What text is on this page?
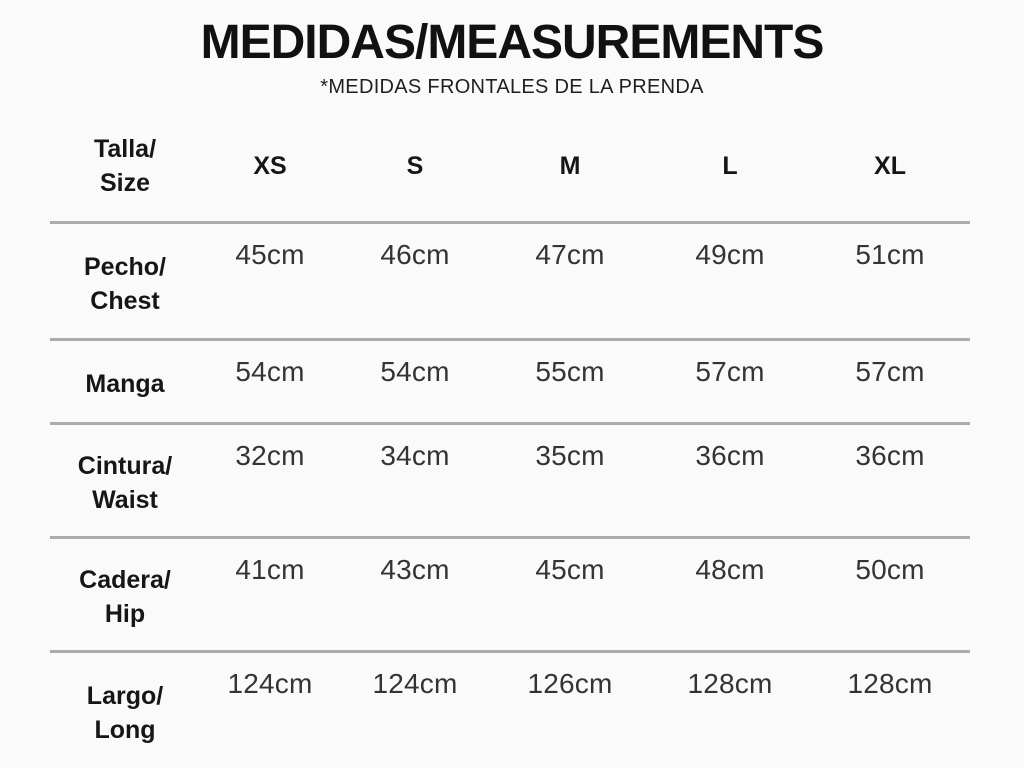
MEDIDAS/MEASUREMENTS
*MEDIDAS FRONTALES DE LA PRENDA
Talla/
Size	XS	S	M	L	XL

Pecho/
Chest	45cm	46cm	47cm	49cm	51cm

Manga	54cm	54cm	55cm	57cm	57cm

Cintura/
Waist	32cm	34cm	35cm	36cm	36cm

Cadera/
Hip	41cm	43cm	45cm	48cm	50cm

Largo/
Long	124cm	124cm	126cm	128cm	128cm
